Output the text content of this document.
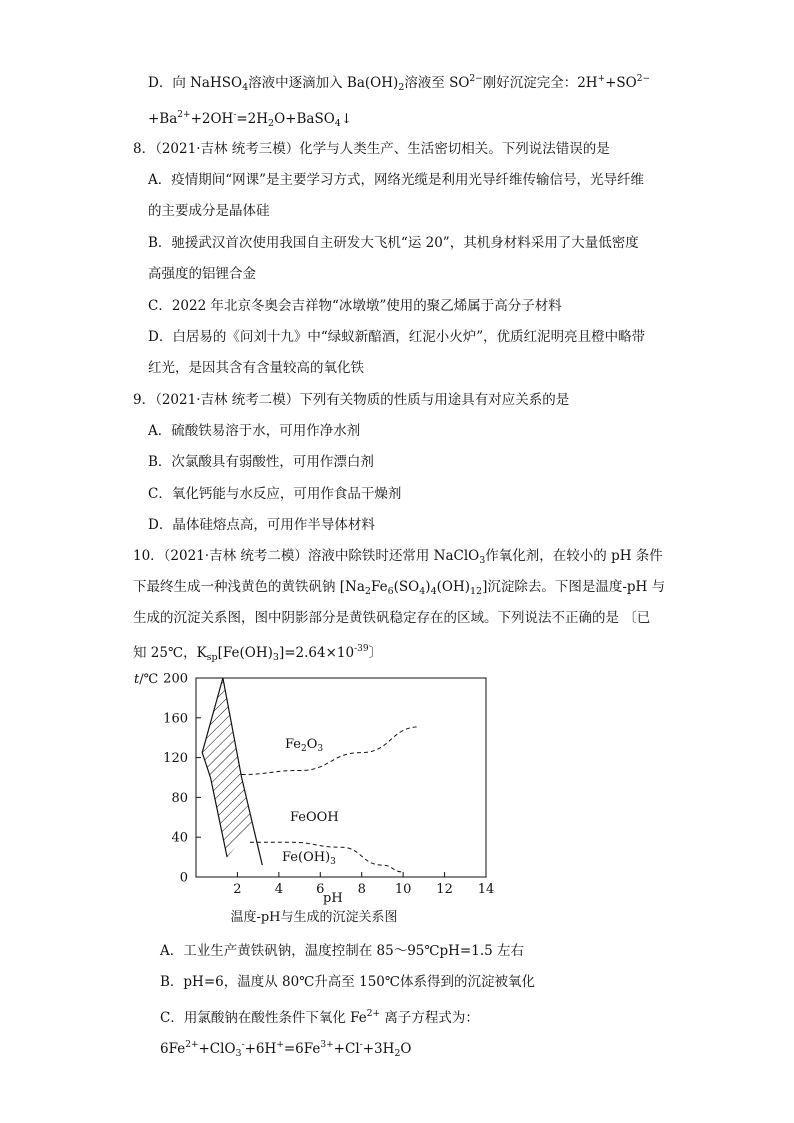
D．向 NaHSO$_4$溶液中逐滴加入 $Ba(OH)_2$溶液至 $SO^{2-}$刚好沉淀完全：$2H^++SO^{2-}$
$+Ba^{2+}+2OH^-=2H_2O+BaSO_4↓$
8．（2021·吉林 统考三模）化学与人类生产、生活密切相关。下列说法错误的是
A．疫情期间“网课”是主要学习方式，网络光缆是利用光导纤维传输信号，光导纤维
的主要成分是晶体硅
B．驰援武汉首次使用我国自主研发大飞机“运 20”，其机身材料采用了大量低密度
高强度的铝锂合金
C．2022 年北京冬奥会吉祥物“冰墩墩”使用的聚乙烯属于高分子材料
D．白居易的《问刘十九》中“绿蚁新醅酒，红泥小火炉”，优质红泥明亮且橙中略带
红光，是因其含有含量较高的氧化铁
9．（2021·吉林 统考二模）下列有关物质的性质与用途具有对应关系的是
A．硫酸铁易溶于水，可用作净水剂
B．次氯酸具有弱酸性，可用作漂白剂
C．氧化钙能与水反应，可用作食品干燥剂
D．晶体硅熔点高，可用作半导体材料
10．（2021·吉林 统考二模）溶液中除铁时还常用 NaClO$_3$作氧化剂，在较小的 pH 条件
下最终生成一种浅黄色的黄铁矾钠 $[Na_2Fe_6(SO_4)_4(OH)_{12}]$沉淀除去。下图是温度-pH 与
生成的沉淀关系图，图中阴影部分是黄铁矾稳定存在的区域。下列说法不正确的是 〔已
知 25℃，$K_{sp}[Fe(OH)_3]=2.64\times 10^{-39}$〕
0
40
80
120
160
200
2	4	6	8 10 12 14
$Fe_2O_3$
FeOOH
$Fe(OH)_3$
t/℃
pH
温度-pH与生成的沉淀关系图
A．工业生产黄铁矾钠，温度控制在 85～95℃pH=1.5 左右
B．pH=6，温度从 80℃升高至 150℃体系得到的沉淀被氧化
C．用氯酸钠在酸性条件下氧化 $Fe^{2+}$ 离子方程式为：
$6Fe^{2+}+ClO_3^-+6H^+=6Fe^{3+}+Cl^-+3H_2O$
